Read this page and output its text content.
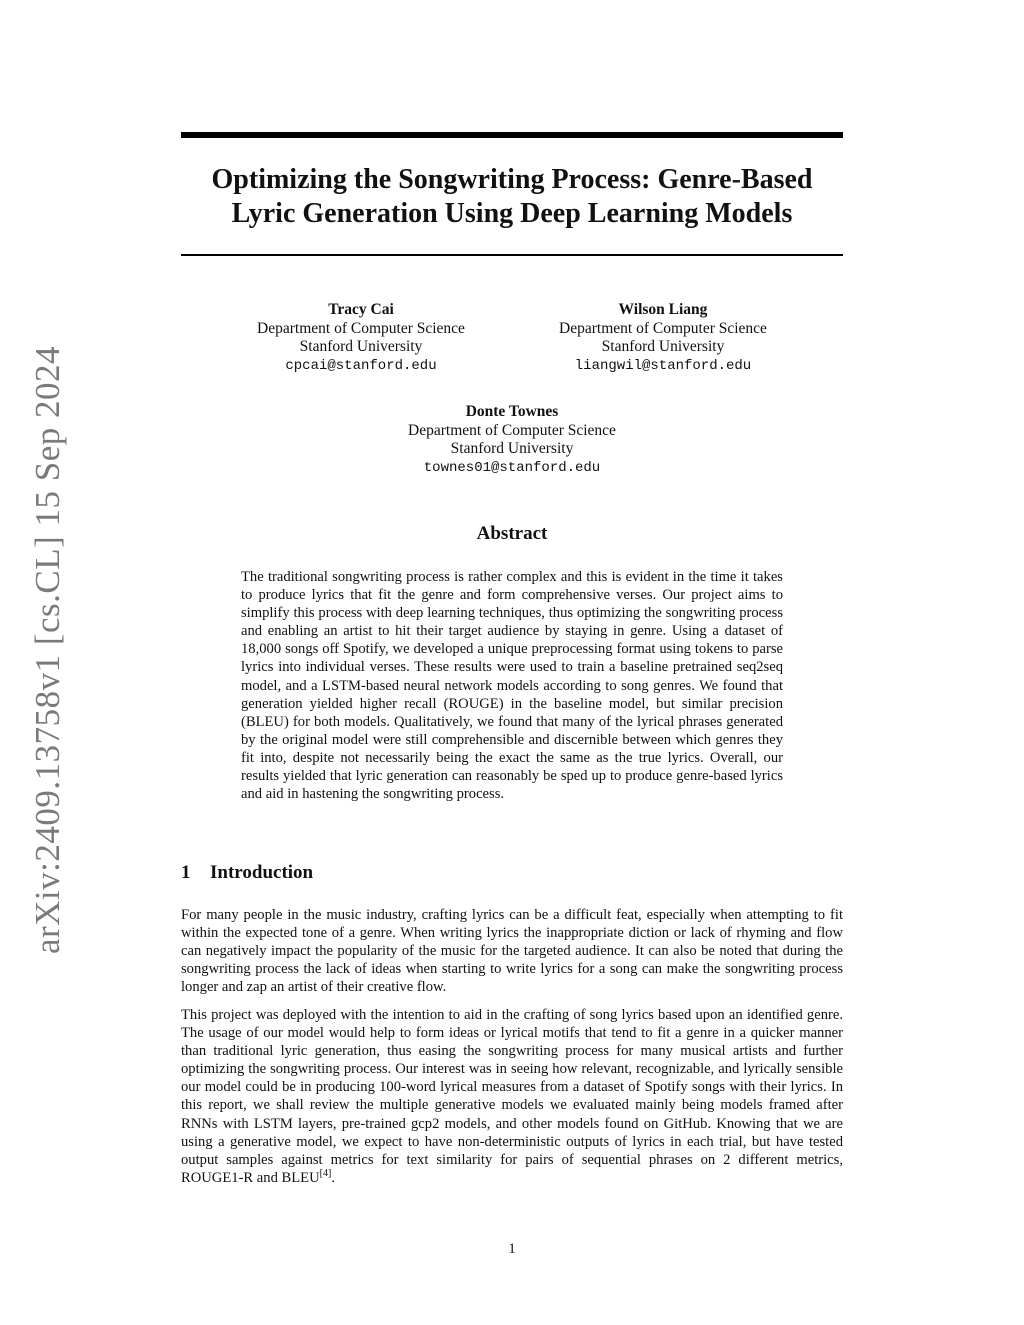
arXiv:2409.13758v1 [cs.CL] 15 Sep 2024
Optimizing the Songwriting Process: Genre-Based
Lyric Generation Using Deep Learning Models
Tracy Cai
Department of Computer Science
Stanford University
cpcai@stanford.edu
Wilson Liang
Department of Computer Science
Stanford University
liangwil@stanford.edu
Donte Townes
Department of Computer Science
Stanford University
townes01@stanford.edu
Abstract

The traditional songwriting process is rather complex and this is evident in the time it takes to produce lyrics that fit the genre and form comprehensive verses. Our project aims to simplify this process with deep learning techniques, thus optimizing the songwriting process and enabling an artist to hit their target audience by staying in genre. Using a dataset of 18,000 songs off Spotify, we developed a unique preprocessing format using tokens to parse lyrics into individual verses. These results were used to train a baseline pretrained seq2seq model, and a LSTM-based neural network models according to song genres. We found that generation yielded higher recall (ROUGE) in the baseline model, but similar precision (BLEU) for both models. Qualitatively, we found that many of the lyrical phrases generated by the original model were still comprehensible and discernible between which genres they fit into, despite not necessarily being the exact the same as the true lyrics. Overall, our results yielded that lyric generation can reasonably be sped up to produce genre-based lyrics and aid in hastening the songwriting process.

1 Introduction

For many people in the music industry, crafting lyrics can be a difficult feat, especially when attempting to fit within the expected tone of a genre. When writing lyrics the inappropriate diction or lack of rhyming and flow can negatively impact the popularity of the music for the targeted audience. It can also be noted that during the songwriting process the lack of ideas when starting to write lyrics for a song can make the songwriting process longer and zap an artist of their creative flow.

This project was deployed with the intention to aid in the crafting of song lyrics based upon an identified genre. The usage of our model would help to form ideas or lyrical motifs that tend to fit a genre in a quicker manner than traditional lyric generation, thus easing the songwriting process for many musical artists and further optimizing the songwriting process. Our interest was in seeing how relevant, recognizable, and lyrically sensible our model could be in producing 100-word lyrical measures from a dataset of Spotify songs with their lyrics. In this report, we shall review the multiple generative models we evaluated mainly being models framed after RNNs with LSTM layers, pre-trained gcp2 models, and other models found on GitHub. Knowing that we are using a generative model, we expect to have non-deterministic outputs of lyrics in each trial, but have tested output samples against metrics for text similarity for pairs of sequential phrases on 2 different metrics, ROUGE1-R and BLEU[4].

1
